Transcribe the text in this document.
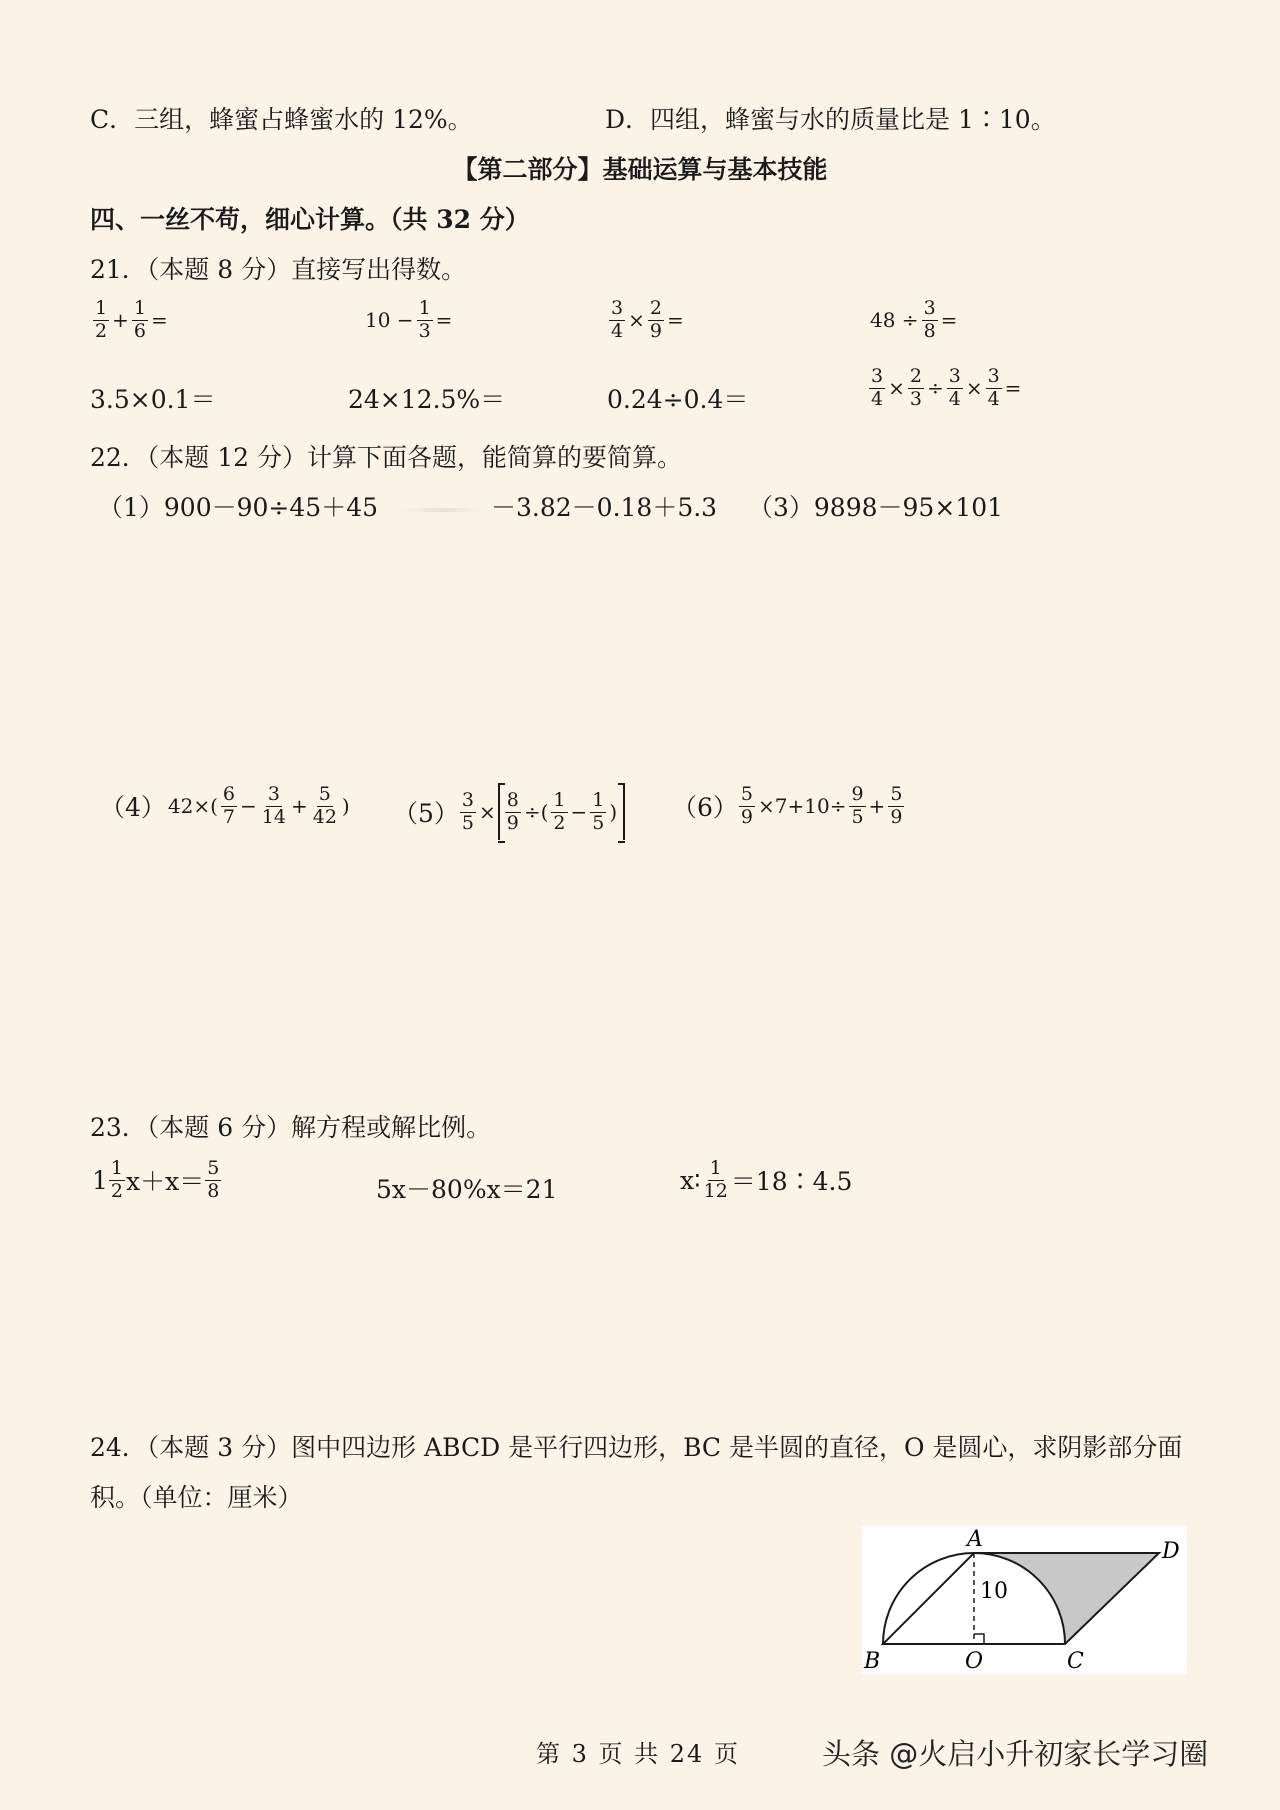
C．三组，蜂蜜占蜂蜜水的 12%。	D．四组，蜂蜜与水的质量比是 1∶10。
【第二部分】基础运算与基本技能
四、一丝不苟，细心计算。（共 32 分）
21．（本题 8 分）直接写出得数。
$\frac{1}{2} + \frac{1}{6}$ =	$10 - \frac{1}{3}$ =	$\frac{3}{4} \times \frac{2}{9}$ =	$48 \div \frac{3}{8}$ =
3.5×0.1＝	24×12.5%＝	0.24÷0.4＝	$\frac{3}{4} \times \frac{2}{3} \div \frac{3}{4} \times \frac{3}{4}$ =
22．（本题 12 分）计算下面各题，能简算的要简算。
（1）900－90÷45＋45	－3.82－0.18＋5.3 （3）9898－95×101
（4） $42\times( \frac{6}{7} - \frac{3}{14} + \frac{5}{42}$ ) $(5) \frac{3}{5} \times \frac{8}{9}$ ÷( $\frac{1}{2} - \frac{1}{5}$ ) $(6) \frac{5}{9} \times 7+10\div \frac{9}{5} + \frac{5}{9}$
23．（本题 6 分）解方程或解比例。
$1 \frac{1}{2} x+x= \frac{5}{8}$	5x－80%x＝21	x∶ $\frac{1}{12}$ ＝18∶4.5
24．（本题 3 分）图中四边形 ABCD 是平行四边形，BC 是半圆的直径，O 是圆心，求阴影部分面
积。（单位：厘米）
A	D
B	O	C
10
第 3 页 共 24 页	头条 @火启小升初家长学习圈
